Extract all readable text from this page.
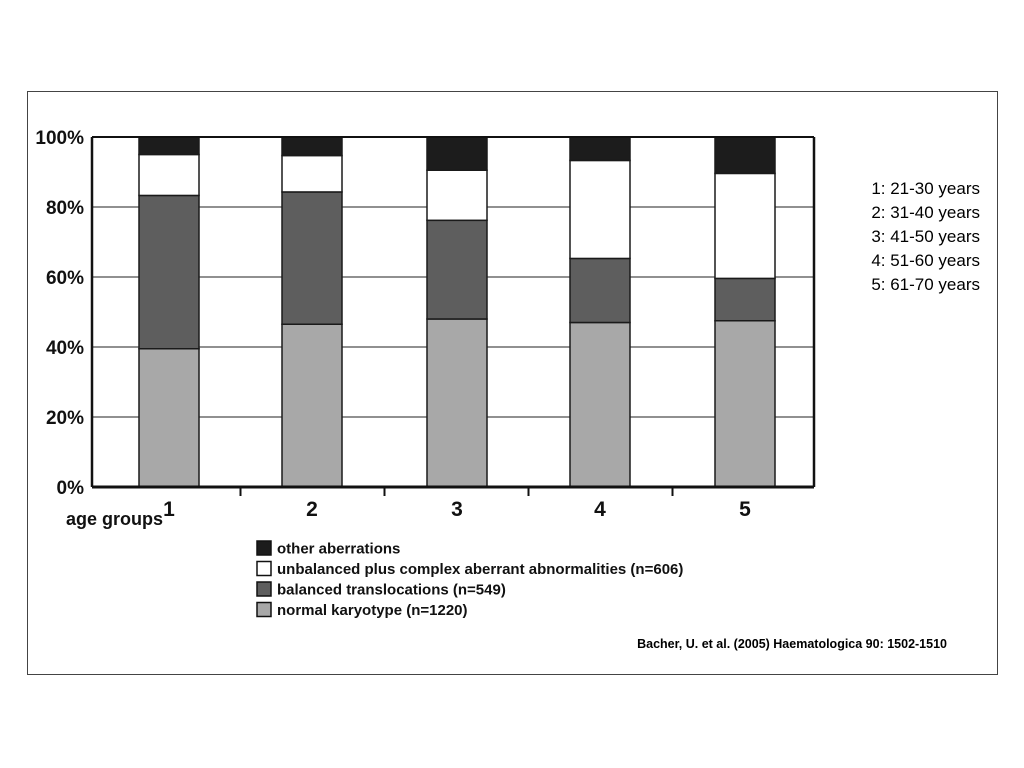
0%
20%
40%
60%
80%
100%
1	2	3	4	5
age groups
other aberrations
unbalanced plus complex aberrant abnormalities (n=606)
balanced translocations (n=549)
normal karyotype (n=1220)
1: 21-30 years
2: 31-40 years
3: 41-50 years
4: 51-60 years
5: 61-70 years
Bacher, U. et al. (2005) Haematologica 90: 1502-1510
